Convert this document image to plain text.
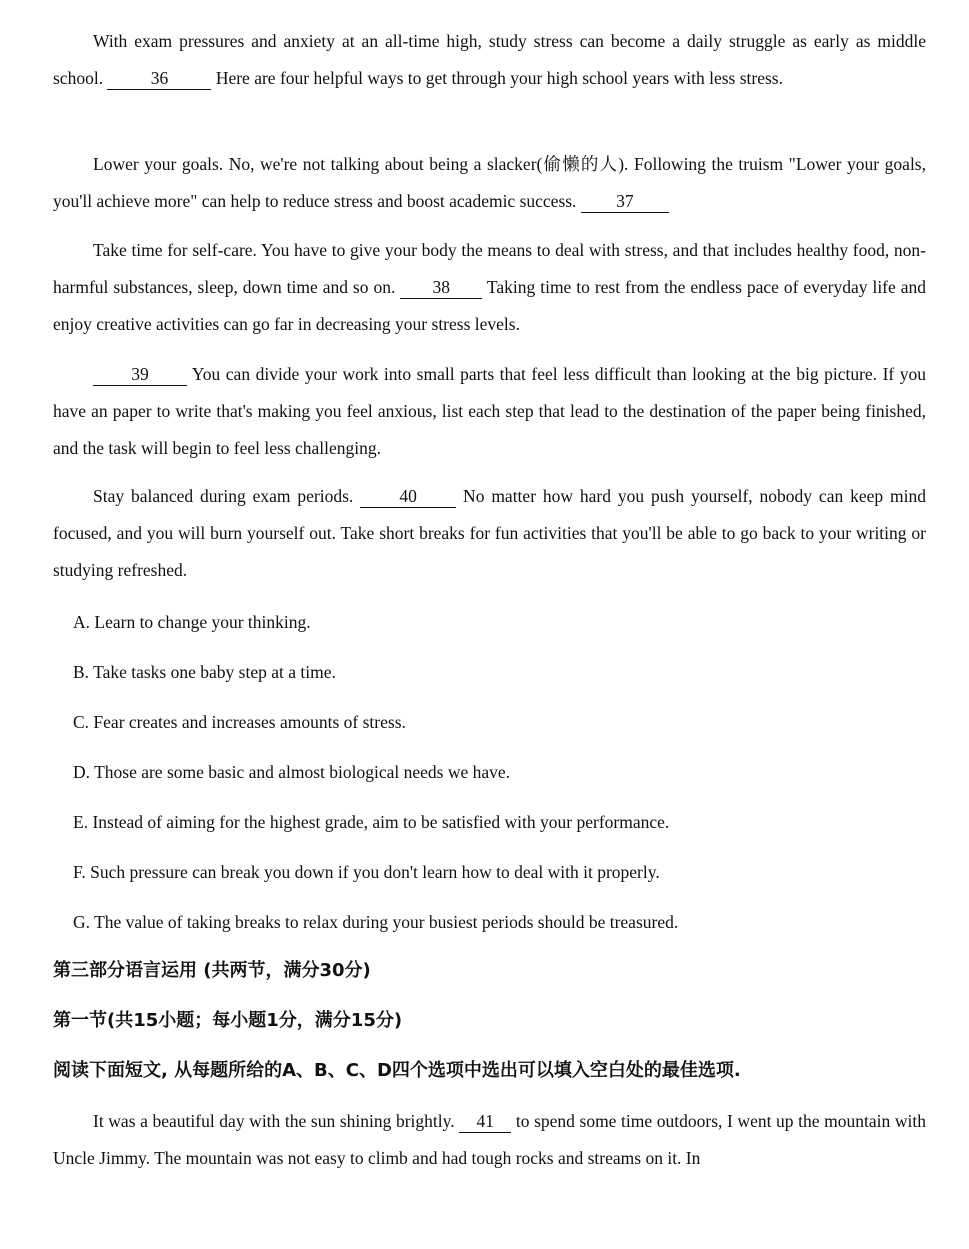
With exam pressures and anxiety at an all-time high, study stress can become a daily struggle as early as middle school. 36 Here are four helpful ways to get through your high school years with less stress.
Lower your goals. No, we're not talking about being a slacker(偷懒的人). Following the truism "Lower your goals, you'll achieve more" can help to reduce stress and boost academic success. 37
Take time for self-care. You have to give your body the means to deal with stress, and that includes healthy food, non-harmful substances, sleep, down time and so on. 38 Taking time to rest from the endless pace of everyday life and enjoy creative activities can go far in decreasing your stress levels.
39 You can divide your work into small parts that feel less difficult than looking at the big picture. If you have an paper to write that's making you feel anxious, list each step that lead to the destination of the paper being finished, and the task will begin to feel less challenging.
Stay balanced during exam periods. 40 No matter how hard you push yourself, nobody can keep mind focused, and you will burn yourself out. Take short breaks for fun activities that you'll be able to go back to your writing or studying refreshed.
A. Learn to change your thinking.
B. Take tasks one baby step at a time.
C. Fear creates and increases amounts of stress.
D. Those are some basic and almost biological needs we have.
E. Instead of aiming for the highest grade, aim to be satisfied with your performance.
F. Such pressure can break you down if you don't learn how to deal with it properly.
G. The value of taking breaks to relax during your busiest periods should be treasured.
第三部分语言运用 (共两节，满分30分)
第一节(共15小题；每小题1分，满分15分)
阅读下面短文, 从每题所给的A、B、C、D四个选项中选出可以填入空白处的最佳选项.
It was a beautiful day with the sun shining brightly. 41 to spend some time outdoors, I went up the mountain with Uncle Jimmy. The mountain was not easy to climb and had tough rocks and streams on it. In
